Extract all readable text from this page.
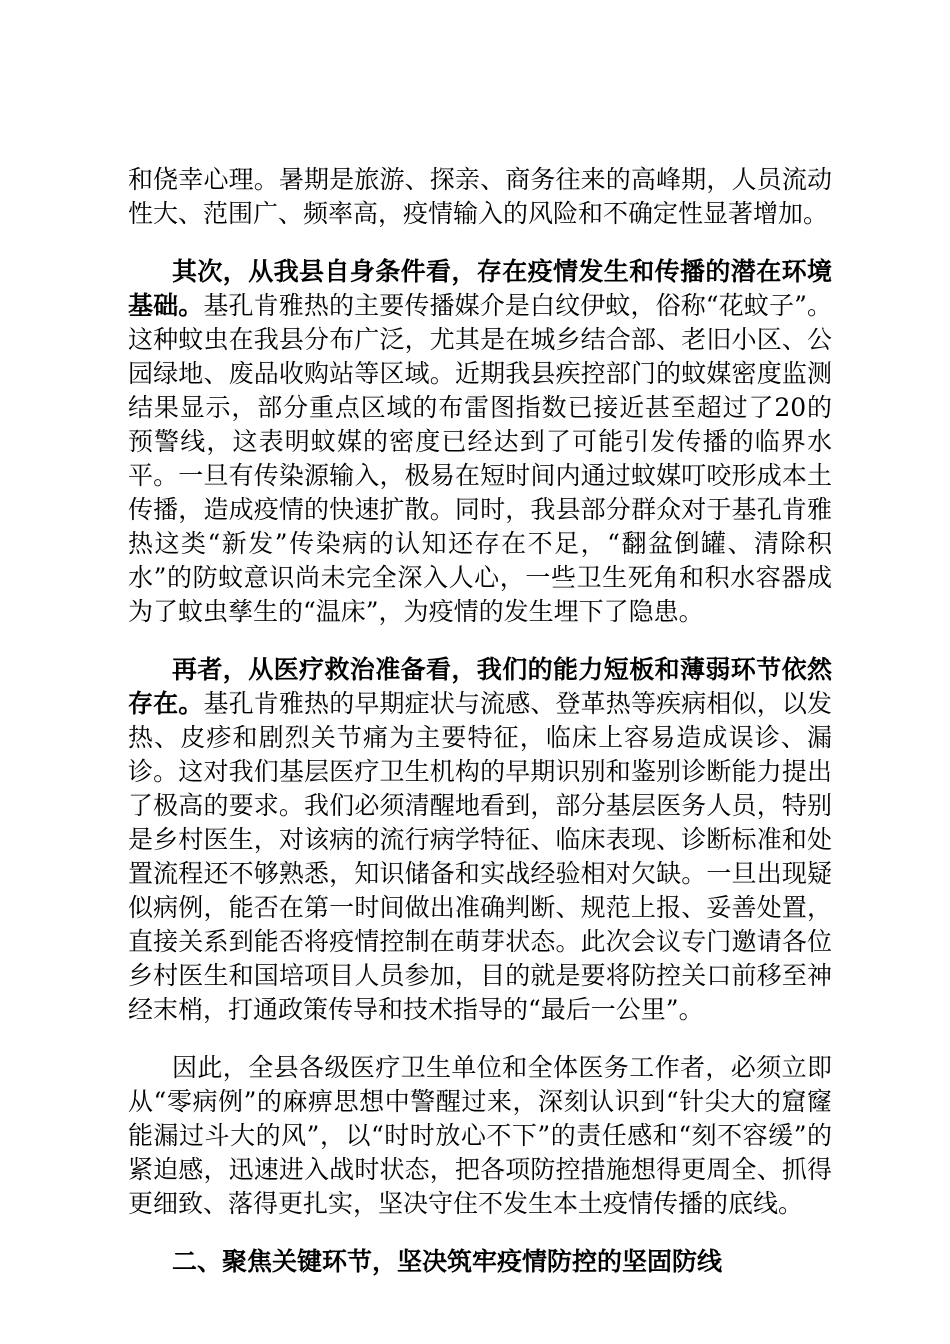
和侥幸心理。暑期是旅游、探亲、商务往来的高峰期，人员流动性大、范围广、频率高，疫情输入的风险和不确定性显著增加。

其次，从我县自身条件看，存在疫情发生和传播的潜在环境基础。基孔肯雅热的主要传播媒介是白纹伊蚊，俗称“花蚊子”。这种蚊虫在我县分布广泛，尤其是在城乡结合部、老旧小区、公园绿地、废品收购站等区域。近期我县疾控部门的蚊媒密度监测结果显示，部分重点区域的布雷图指数已接近甚至超过了20的预警线，这表明蚊媒的密度已经达到了可能引发传播的临界水平。一旦有传染源输入，极易在短时间内通过蚊媒叮咬形成本土传播，造成疫情的快速扩散。同时，我县部分群众对于基孔肯雅热这类“新发”传染病的认知还存在不足，“翻盆倒罐、清除积水”的防蚊意识尚未完全深入人心，一些卫生死角和积水容器成为了蚊虫孳生的“温床”，为疫情的发生埋下了隐患。

再者，从医疗救治准备看，我们的能力短板和薄弱环节依然存在。基孔肯雅热的早期症状与流感、登革热等疾病相似，以发热、皮疹和剧烈关节痛为主要特征，临床上容易造成误诊、漏诊。这对我们基层医疗卫生机构的早期识别和鉴别诊断能力提出了极高的要求。我们必须清醒地看到，部分基层医务人员，特别是乡村医生，对该病的流行病学特征、临床表现、诊断标准和处置流程还不够熟悉，知识储备和实战经验相对欠缺。一旦出现疑似病例，能否在第一时间做出准确判断、规范上报、妥善处置，直接关系到能否将疫情控制在萌芽状态。此次会议专门邀请各位乡村医生和国培项目人员参加，目的就是要将防控关口前移至神经末梢，打通政策传导和技术指导的“最后一公里”。

因此，全县各级医疗卫生单位和全体医务工作者，必须立即从“零病例”的麻痹思想中警醒过来，深刻认识到“针尖大的窟窿能漏过斗大的风”，以“时时放心不下”的责任感和“刻不容缓”的紧迫感，迅速进入战时状态，把各项防控措施想得更周全、抓得更细致、落得更扎实，坚决守住不发生本土疫情传播的底线。

二、聚焦关键环节，坚决筑牢疫情防控的坚固防线
